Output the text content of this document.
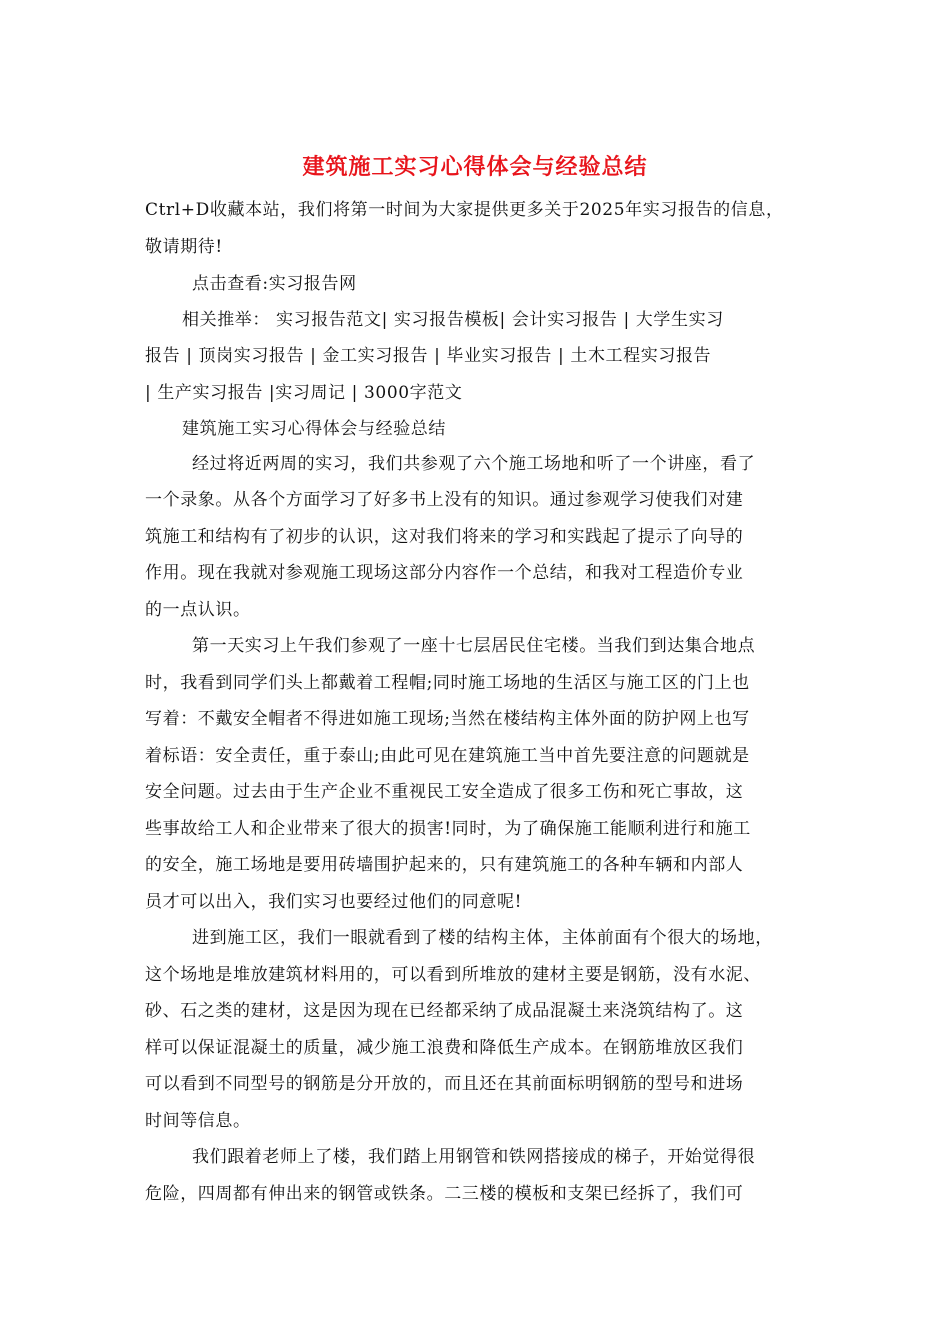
建筑施工实习心得体会与经验总结
Ctrl+D收藏本站，我们将第一时间为大家提供更多关于2025年实习报告的信息，
敬请期待!
点击查看:实习报告网
相关推举： 实习报告范文| 实习报告模板| 会计实习报告 | 大学生实习
报告 | 顶岗实习报告 | 金工实习报告 | 毕业实习报告 | 土木工程实习报告
| 生产实习报告 |实习周记 | 3000字范文
建筑施工实习心得体会与经验总结
经过将近两周的实习，我们共参观了六个施工场地和听了一个讲座，看了
一个录象。从各个方面学习了好多书上没有的知识。通过参观学习使我们对建
筑施工和结构有了初步的认识，这对我们将来的学习和实践起了提示了向导的
作用。现在我就对参观施工现场这部分内容作一个总结，和我对工程造价专业
的一点认识。
第一天实习上午我们参观了一座十七层居民住宅楼。当我们到达集合地点
时，我看到同学们头上都戴着工程帽;同时施工场地的生活区与施工区的门上也
写着：不戴安全帽者不得进如施工现场;当然在楼结构主体外面的防护网上也写
着标语：安全责任，重于泰山;由此可见在建筑施工当中首先要注意的问题就是
安全问题。过去由于生产企业不重视民工安全造成了很多工伤和死亡事故，这
些事故给工人和企业带来了很大的损害!同时，为了确保施工能顺利进行和施工
的安全，施工场地是要用砖墙围护起来的，只有建筑施工的各种车辆和内部人
员才可以出入，我们实习也要经过他们的同意呢!
进到施工区，我们一眼就看到了楼的结构主体，主体前面有个很大的场地，
这个场地是堆放建筑材料用的，可以看到所堆放的建材主要是钢筋，没有水泥、
砂、石之类的建材，这是因为现在已经都采纳了成品混凝土来浇筑结构了。这
样可以保证混凝土的质量，减少施工浪费和降低生产成本。在钢筋堆放区我们
可以看到不同型号的钢筋是分开放的，而且还在其前面标明钢筋的型号和进场
时间等信息。
我们跟着老师上了楼，我们踏上用钢管和铁网搭接成的梯子，开始觉得很
危险，四周都有伸出来的钢管或铁条。二三楼的模板和支架已经拆了，我们可
